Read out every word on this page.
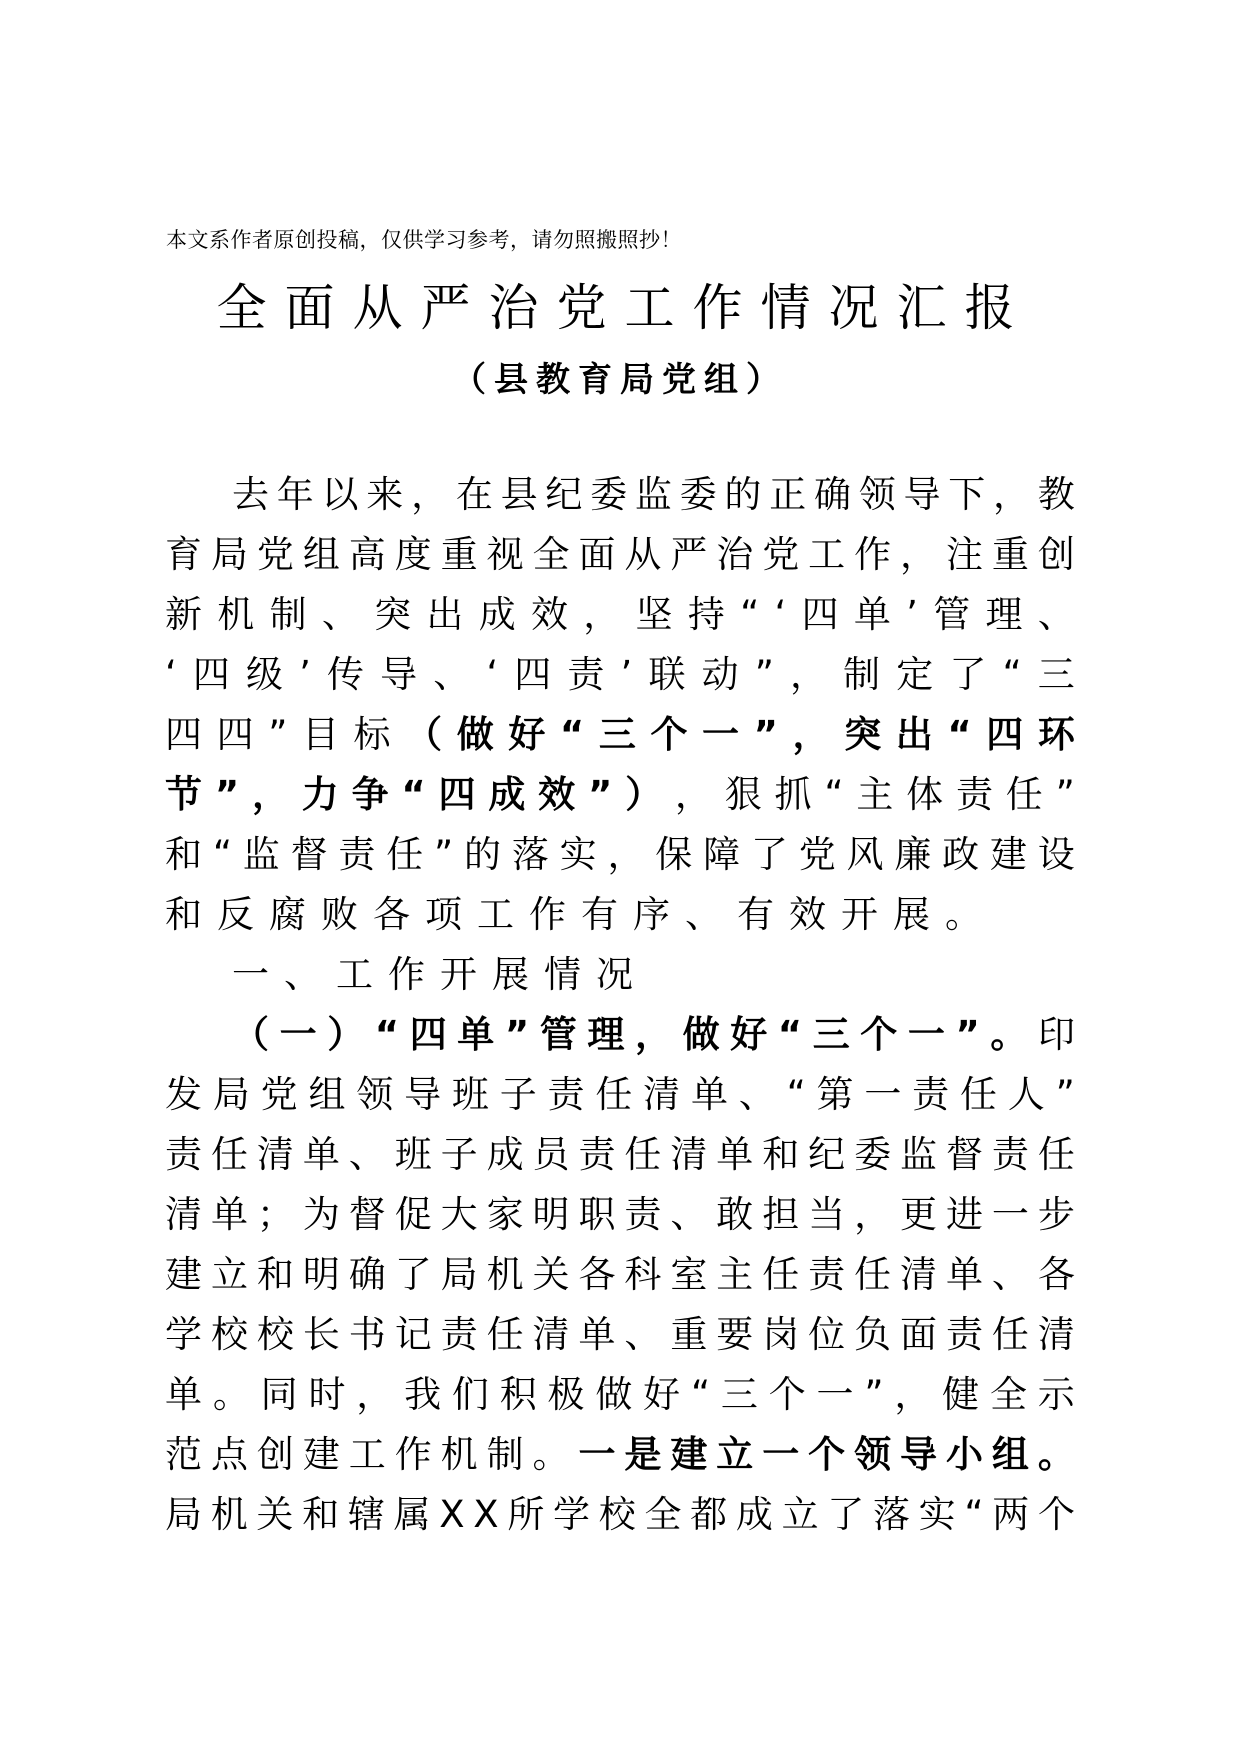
本文系作者原创投稿，仅供学习参考，请勿照搬照抄！
全面从严治党工作情况汇报
（县教育局党组）
去 年 以 来 ， 在 县 纪 委 监 委 的 正 确 领 导 下 ， 教
育 局 党 组 高 度 重 视 全 面 从 严 治 党 工 作 ， 注 重 创
新 机 制 、 突 出 成 效 ， 坚 持 “ ‘ 四 单 ’ 管 理 、
‘ 四 级 ’ 传 导 、 ‘ 四 责 ’ 联 动 ” ， 制 定 了 “ 三
四 四 ” 目 标 （ 做 好 “ 三 个 一 ” ， 突 出 “ 四 环
节 ” ， 力 争 “ 四 成 效 ” ） ， 狠 抓 “ 主 体 责 任 ”
和 “ 监 督 责 任 ” 的 落 实 ， 保 障 了 党 风 廉 政 建 设
和 反 腐 败 各 项 工 作 有 序 、 有 效 开 展 。
一 、 工 作 开 展 情 况
（ 一 ） “ 四 单 ” 管 理 ， 做 好 “ 三 个 一 ” 。 印
发 局 党 组 领 导 班 子 责 任 清 单 、 “ 第 一 责 任 人 ”
责 任 清 单 、 班 子 成 员 责 任 清 单 和 纪 委 监 督 责 任
清 单 ； 为 督 促 大 家 明 职 责 、 敢 担 当 ， 更 进 一 步
建 立 和 明 确 了 局 机 关 各 科 室 主 任 责 任 清 单 、 各
学 校 校 长 书 记 责 任 清 单 、 重 要 岗 位 负 面 责 任 清
单 。 同 时 ， 我 们 积 极 做 好 “ 三 个 一 ” ， 健 全 示
范 点 创 建 工 作 机 制 。 一 是 建 立 一 个 领 导 小 组 。
局 机 关 和 辖 属 X X 所 学 校 全 都 成 立 了 落 实 “ 两 个
